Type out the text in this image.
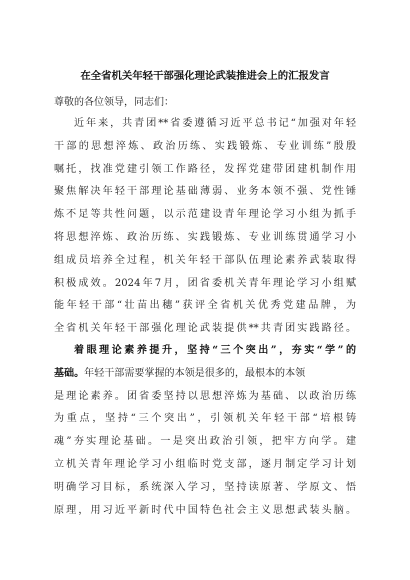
在全省机关年轻干部强化理论武装推进会上的汇报发言
尊敬的各位领导，同志们：
近年来，共青团**省委遵循习近平总书记“加强对年轻
干部的思想淬炼、政治历练、实践锻炼、专业训练”殷殷
嘱托，找准党建引领工作路径，发挥党建带团建机制作用
聚焦解决年轻干部理论基础薄弱、业务本领不强、党性锤
炼不足等共性问题，以示范建设青年理论学习小组为抓手
将思想淬炼、政治历练、实践锻炼、专业训练贯通学习小
组成员培养全过程，机关年轻干部队伍理论素养武装取得
积极成效。2024年7月，团省委机关青年理论学习小组赋
能年轻干部“壮苗出穗”获评全省机关优秀党建品牌，为
全省机关年轻干部强化理论武装提供**共青团实践路径。
着眼理论素养提升，坚持“三个突出”，夯实“学”的
基础。年轻干部需要掌握的本领是很多的，最根本的本领
是理论素养。团省委坚持以思想淬炼为基础、以政治历练
为重点，坚持“三个突出”，引领机关年轻干部“培根铸
魂”夯实理论基础。一是突出政治引领，把牢方向学。建
立机关青年理论学习小组临时党支部，逐月制定学习计划
明确学习目标，系统深入学习，坚持读原著、学原文、悟
原理，用习近平新时代中国特色社会主义思想武装头脑。
